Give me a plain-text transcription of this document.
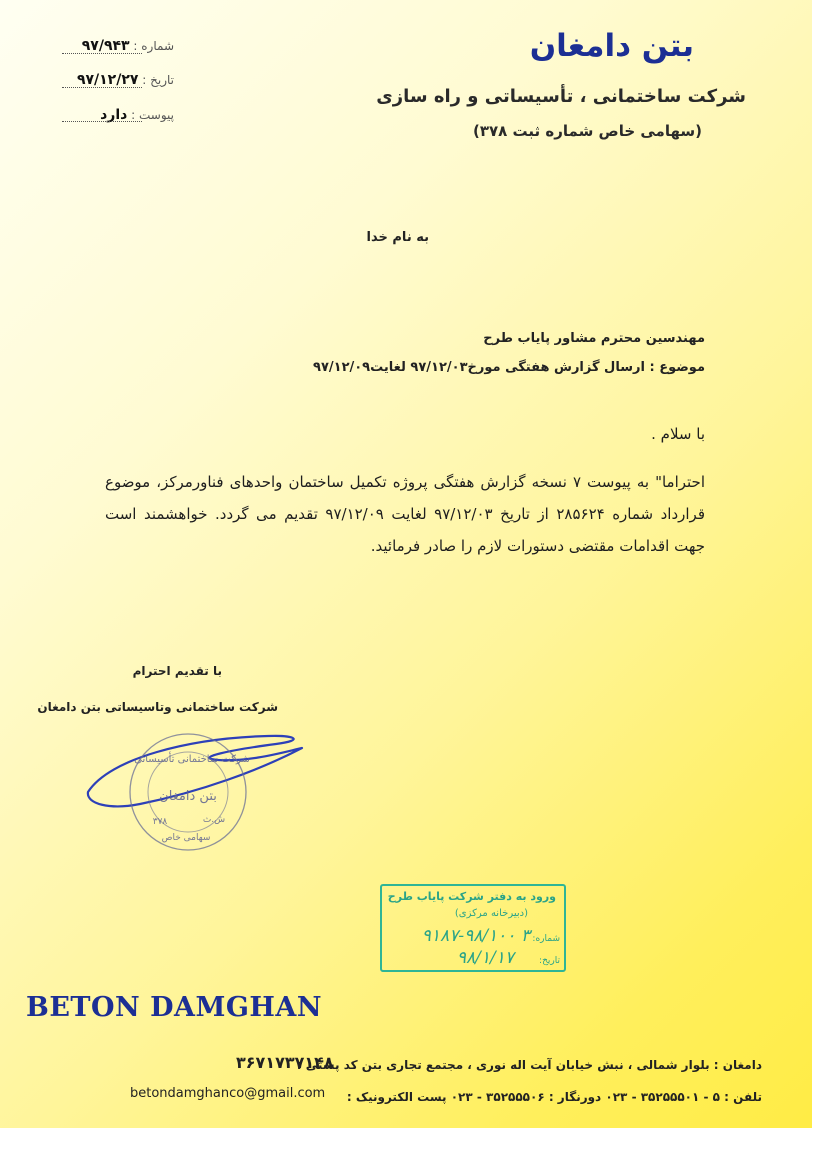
بتن دامغان
شرکت ساختمانی ، تأسیساتی و راه سازی
(سهامی خاص شماره ثبت ۳۷۸)
شماره : ۹۷/۹۴۳
تاریخ : ۹۷/۱۲/۲۷
پیوست : دارد
به نام خدا
مهندسین محترم مشاور پایاب طرح
موضوع : ارسال گزارش هفتگی مورخ۹۷/۱۲/۰۳ لغایت۹۷/۱۲/۰۹
با سلام .
احتراما" به پیوست ۷ نسخه گزارش هفتگی پروژه تکمیل ساختمان واحدهای فناورمرکز، موضوع قرارداد شماره ۲۸۵۶۲۴ از تاریخ ۹۷/۱۲/۰۳ لغایت ۹۷/۱۲/۰۹ تقدیم می گردد. خواهشمند است جهت اقدامات مقتضی دستورات لازم را صادر فرمائید.
با تقدیم احترام
شرکت ساختمانی وتاسیساتی بتن دامغان
شرکت ساختمانی تأسیساتی
بتن دامغان
ش.ث
۳۷۸
سهامی خاص
ورود به دفتر شرکت پایاب طرح
(دبیرخانه مرکزی)
شماره:
۳ ۹۱۸۷-۹۸/۱۰۰
تاریخ:
۹۸/۱/۱۷
BETON DAMGHAN
دامغان : بلوار شمالی ، نبش خیابان آیت اله نوری ، مجتمع تجاری بتن کد پستی :
۳۶۷۱۷۳۷۱۴۸
تلفن : ۵ - ۳۵۲۵۵۵۰۱ - ۰۲۳ دورنگار : ۳۵۲۵۵۵۰۶ - ۰۲۳ پست الکترونیک :
betondamghanco@gmail.com
